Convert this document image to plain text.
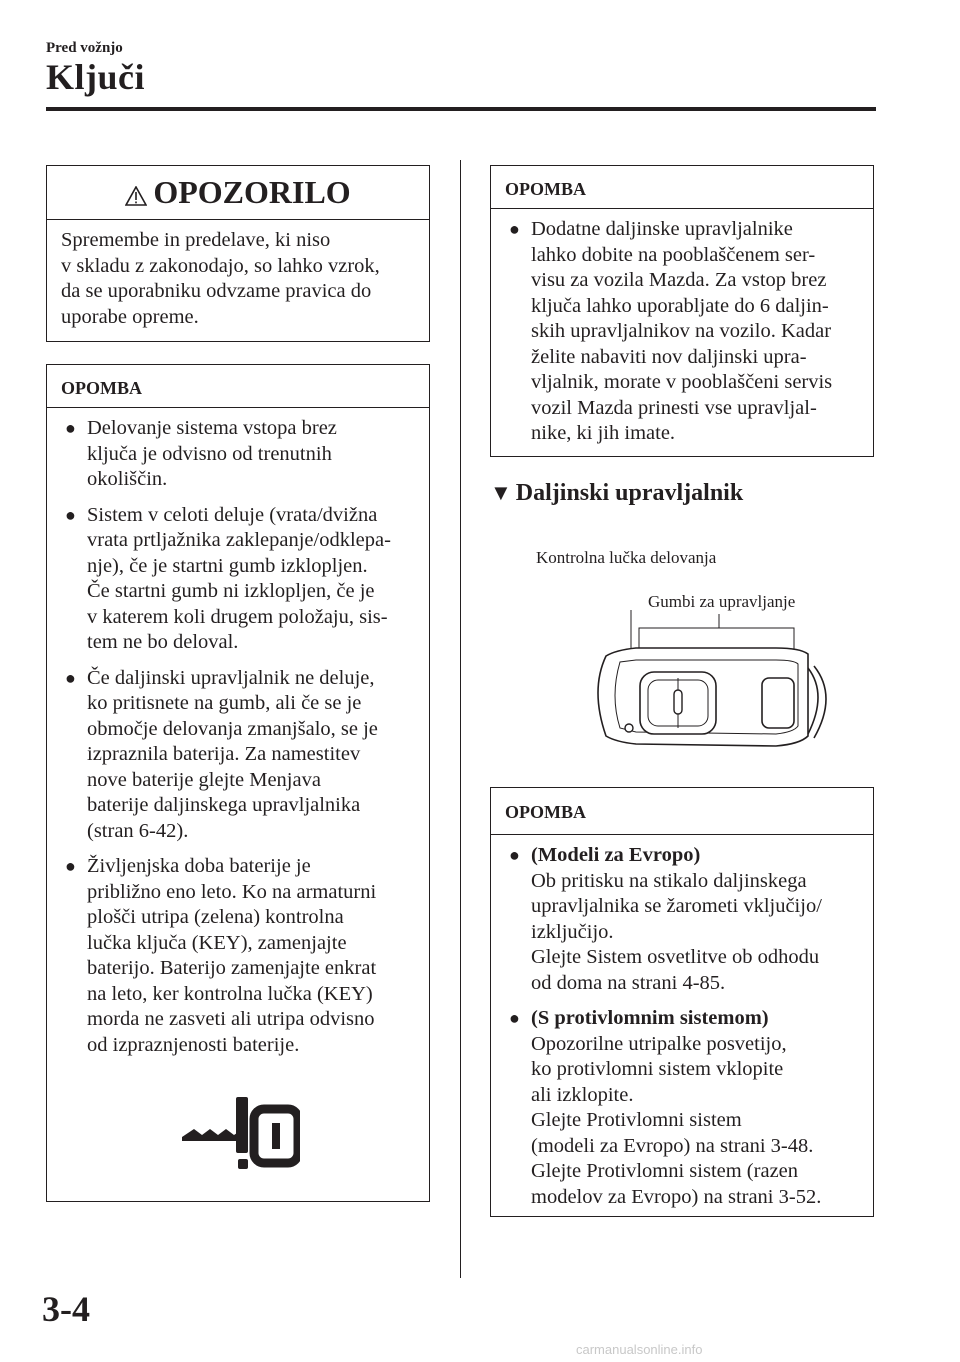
Pred vožnjo
Ključi
OPOZORILO
Spremembe in predelave, ki niso
v skladu z zakonodajo, so lahko vzrok,
da se uporabniku odvzame pravica do
uporabe opreme.
OPOMBA
● Delovanje sistema vstopa brez
ključa je odvisno od trenutnih
okoliščin.
● Sistem v celoti deluje (vrata/dvižna
vrata prtljažnika zaklepanje/odklepa-
nje), če je startni gumb izklopljen.
Če startni gumb ni izklopljen, če je
v katerem koli drugem položaju, sis-
tem ne bo deloval.
● Če daljinski upravljalnik ne deluje,
ko pritisnete na gumb, ali če se je
območje delovanja zmanjšalo, se je
izpraznila baterija. Za namestitev
nove baterije glejte Menjava
baterije daljinskega upravljalnika
(stran 6-42).
● Življenjska doba baterije je
približno eno leto. Ko na armaturni
plošči utripa (zelena) kontrolna
lučka ključa (KEY), zamenjajte
baterijo. Baterijo zamenjajte enkrat
na leto, ker kontrolna lučka (KEY)
morda ne zasveti ali utripa odvisno
od izpraznjenosti baterije.
OPOMBA
● Dodatne daljinske upravljalnike
lahko dobite na pooblaščenem ser-
visu za vozila Mazda. Za vstop brez
ključa lahko uporabljate do 6 daljin-
skih upravljalnikov na vozilo. Kadar
želite nabaviti nov daljinski upra-
vljalnik, morate v pooblaščeni servis
vozil Mazda prinesti vse upravljal-
nike, ki jih imate.
▼ Daljinski upravljalnik
Kontrolna lučka delovanja
Gumbi za upravljanje
OPOMBA
● (Modeli za Evropo)
Ob pritisku na stikalo daljinskega
upravljalnika se žarometi vključijo/
izključijo.
Glejte Sistem osvetlitve ob odhodu
od doma na strani 4-85.
● (S protivlomnim sistemom)
Opozorilne utripalke posvetijo,
ko protivlomni sistem vklopite
ali izklopite.
Glejte Protivlomni sistem
(modeli za Evropo) na strani 3-48.
Glejte Protivlomni sistem (razen
modelov za Evropo) na strani 3-52.
3-4
carmanualsonline.info
